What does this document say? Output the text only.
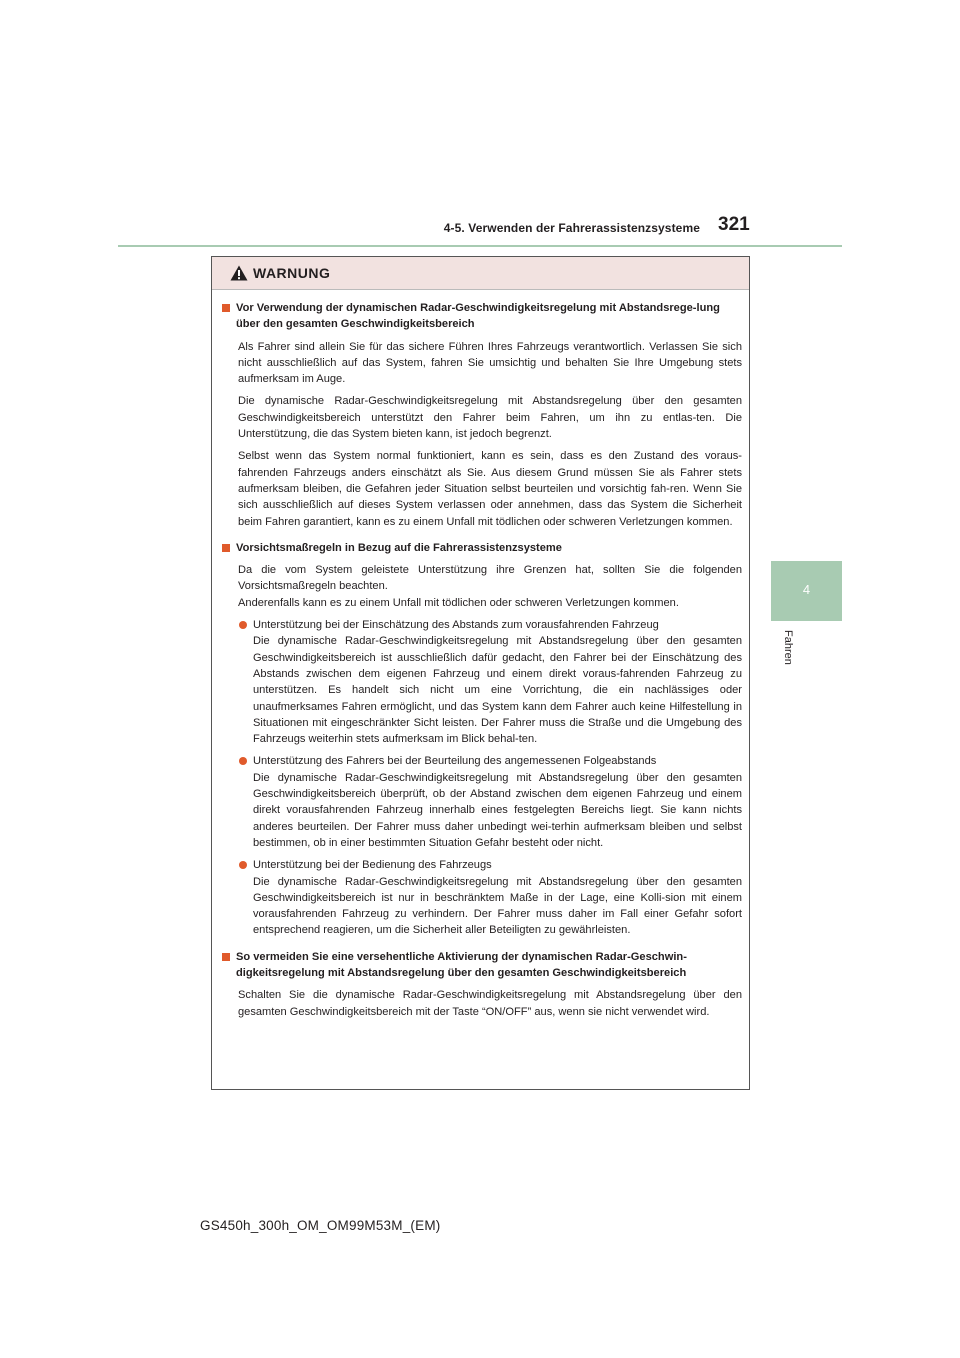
4-5. Verwenden der Fahrerassistenzsysteme 321
4
Fahren
WARNUNG
Vor Verwendung der dynamischen Radar-Geschwindigkeitsregelung mit Abstandsrege-lung über den gesamten Geschwindigkeitsbereich

Als Fahrer sind allein Sie für das sichere Führen Ihres Fahrzeugs verantwortlich. Verlassen Sie sich nicht ausschließlich auf das System, fahren Sie umsichtig und behalten Sie Ihre Umgebung stets aufmerksam im Auge.

Die dynamische Radar-Geschwindigkeitsregelung mit Abstandsregelung über den gesamten Geschwindigkeitsbereich unterstützt den Fahrer beim Fahren, um ihn zu entlas-ten. Die Unterstützung, die das System bieten kann, ist jedoch begrenzt.

Selbst wenn das System normal funktioniert, kann es sein, dass es den Zustand des voraus-fahrenden Fahrzeugs anders einschätzt als Sie. Aus diesem Grund müssen Sie als Fahrer stets aufmerksam bleiben, die Gefahren jeder Situation selbst beurteilen und vorsichtig fah-ren. Wenn Sie sich ausschließlich auf dieses System verlassen oder annehmen, dass das System die Sicherheit beim Fahren garantiert, kann es zu einem Unfall mit tödlichen oder schweren Verletzungen kommen.

Vorsichtsmaßregeln in Bezug auf die Fahrerassistenzsysteme

Da die vom System geleistete Unterstützung ihre Grenzen hat, sollten Sie die folgenden Vorsichtsmaßregeln beachten.

Anderenfalls kann es zu einem Unfall mit tödlichen oder schweren Verletzungen kommen.

Unterstützung bei der Einschätzung des Abstands zum vorausfahrenden Fahrzeug
Die dynamische Radar-Geschwindigkeitsregelung mit Abstandsregelung über den gesamten Geschwindigkeitsbereich ist ausschließlich dafür gedacht, den Fahrer bei der Einschätzung des Abstands zwischen dem eigenen Fahrzeug und einem direkt voraus-fahrenden Fahrzeug zu unterstützen. Es handelt sich nicht um eine Vorrichtung, die ein nachlässiges oder unaufmerksames Fahren ermöglicht, und das System kann dem Fahrer auch keine Hilfestellung in Situationen mit eingeschränkter Sicht leisten. Der Fahrer muss die Straße und die Umgebung des Fahrzeugs weiterhin stets aufmerksam im Blick behal-ten.
Unterstützung des Fahrers bei der Beurteilung des angemessenen Folgeabstands
Die dynamische Radar-Geschwindigkeitsregelung mit Abstandsregelung über den gesamten Geschwindigkeitsbereich überprüft, ob der Abstand zwischen dem eigenen Fahrzeug und einem direkt vorausfahrenden Fahrzeug innerhalb eines festgelegten Bereichs liegt. Sie kann nichts anderes beurteilen. Der Fahrer muss daher unbedingt wei-terhin aufmerksam bleiben und selbst bestimmen, ob in einer bestimmten Situation Gefahr besteht oder nicht.
Unterstützung bei der Bedienung des Fahrzeugs
Die dynamische Radar-Geschwindigkeitsregelung mit Abstandsregelung über den gesamten Geschwindigkeitsbereich ist nur in beschränktem Maße in der Lage, eine Kolli-sion mit einem vorausfahrenden Fahrzeug zu verhindern. Der Fahrer muss daher im Fall einer Gefahr sofort entsprechend reagieren, um die Sicherheit aller Beteiligten zu gewährleisten.
So vermeiden Sie eine versehentliche Aktivierung der dynamischen Radar-Geschwin-digkeitsregelung mit Abstandsregelung über den gesamten Geschwindigkeitsbereich

Schalten Sie die dynamische Radar-Geschwindigkeitsregelung mit Abstandsregelung über den gesamten Geschwindigkeitsbereich mit der Taste “ON/OFF” aus, wenn sie nicht verwendet wird.

GS450h_300h_OM_OM99M53M_(EM)
